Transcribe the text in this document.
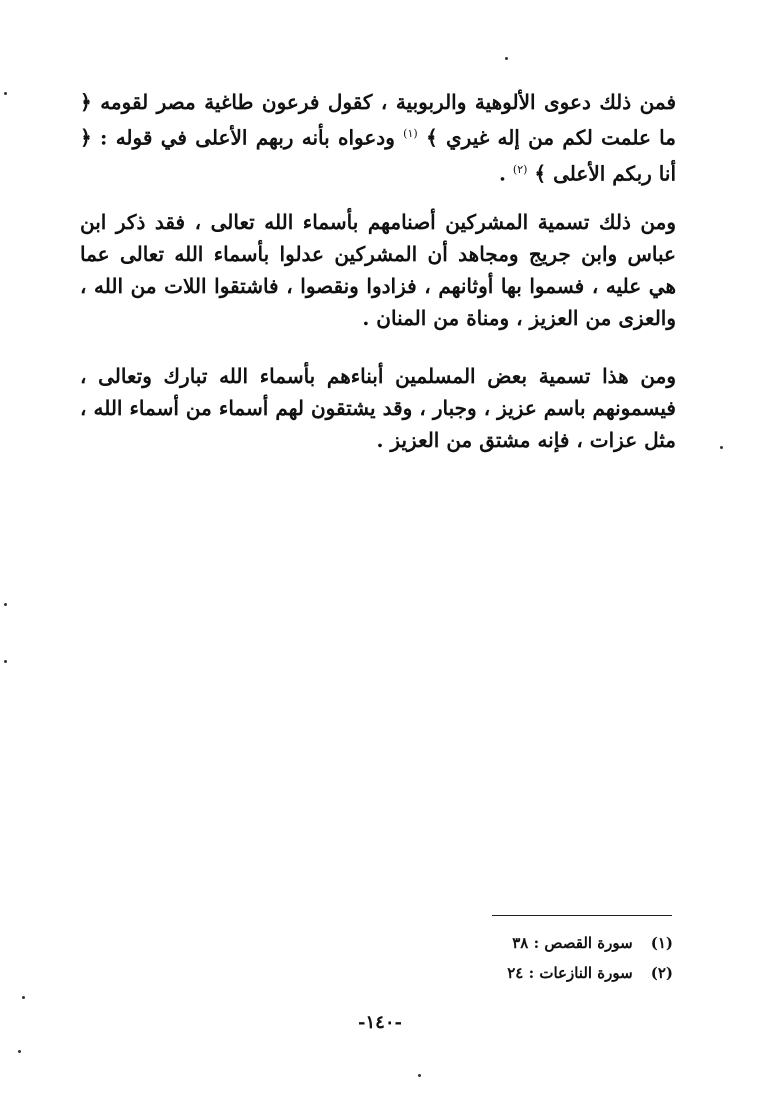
فمن ذلك دعوى الألوهية والربوبية ، كقول فرعون طاغية مصر لقومه ﴿ ما علمت لكم من إله غيري ﴾ $^{(١)}$ ودعواه بأنه ربهم الأعلى في قوله : ﴿ أنا ربكم الأعلى ﴾ $^{(٢)}$ .

ومن ذلك تسمية المشركين أصنامهم بأسماء الله تعالى ، فقد ذكر ابن عباس وابن جريج ومجاهد أن المشركين عدلوا بأسماء الله تعالى عما هي عليه ، فسموا بها أوثانهم ، فزادوا ونقصوا ، فاشتقوا اللات من الله ، والعزى من العزيز ، ومناة من المنان .

ومن هذا تسمية بعض المسلمين أبناءهم بأسماء الله تبارك وتعالى ، فيسمونهم باسم عزيز ، وجبار ، وقد يشتقون لهم أسماء من أسماء الله ، مثل عزات ، فإنه مشتق من العزيز .

(١)
سورة القصص : ٣٨
(٢)
سورة النازعات : ٢٤
-١٤٠-
